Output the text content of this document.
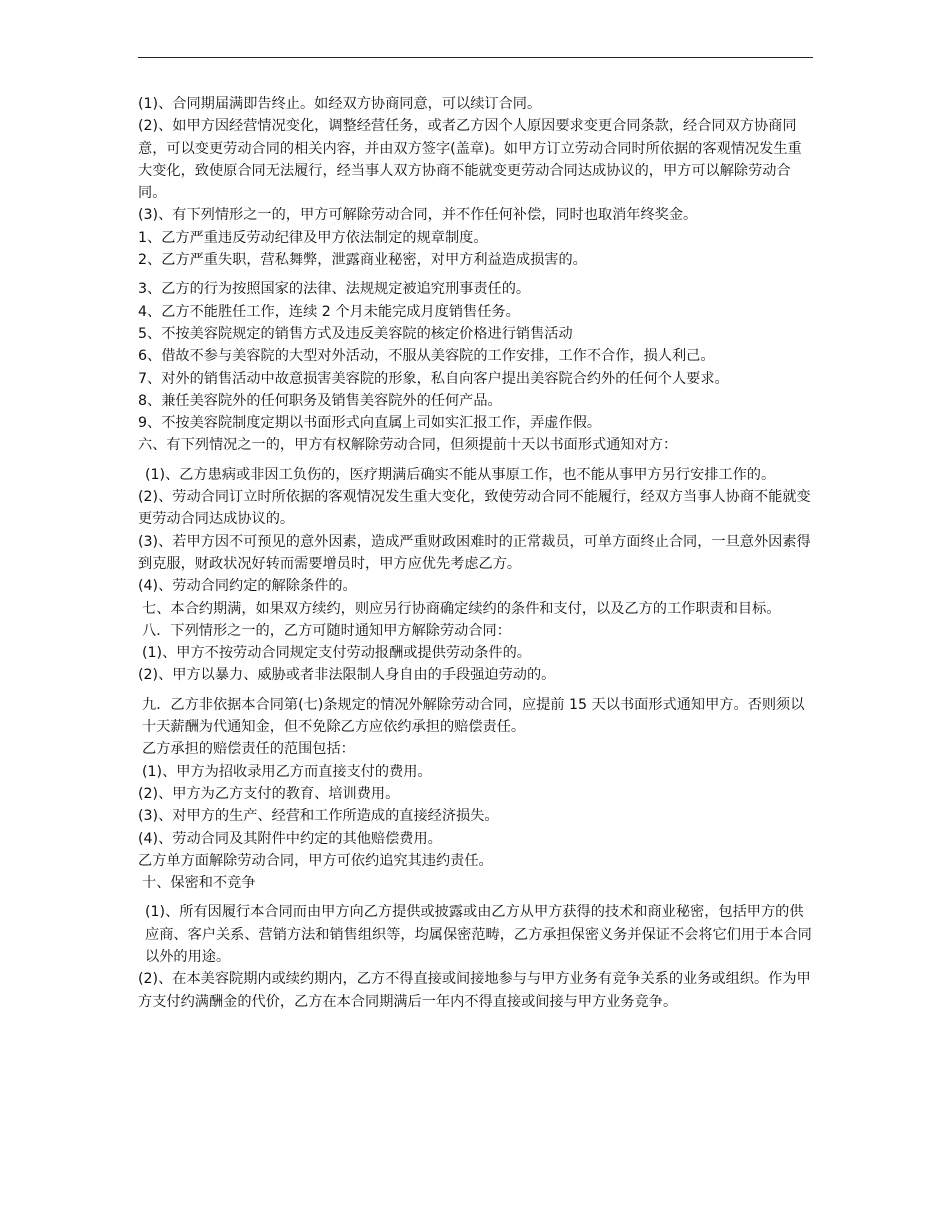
(1)、合同期届满即告终止。如经双方协商同意，可以续订合同。

(2)、如甲方因经营情况变化，调整经营任务，或者乙方因个人原因要求变更合同条款，经合同双方协商同意，可以变更劳动合同的相关内容，并由双方签字(盖章)。如甲方订立劳动合同时所依据的客观情况发生重大变化，致使原合同无法履行，经当事人双方协商不能就变更劳动合同达成协议的，甲方可以解除劳动合同。

(3)、有下列情形之一的，甲方可解除劳动合同，并不作任何补偿，同时也取消年终奖金。

1、乙方严重违反劳动纪律及甲方依法制定的规章制度。

2、乙方严重失职，营私舞弊，泄露商业秘密，对甲方利益造成损害的。

3、乙方的行为按照国家的法律、法规规定被追究刑事责任的。

4、乙方不能胜任工作，连续 2 个月未能完成月度销售任务。

5、不按美容院规定的销售方式及违反美容院的核定价格进行销售活动

6、借故不参与美容院的大型对外活动，不服从美容院的工作安排，工作不合作，损人利己。

7、对外的销售活动中故意损害美容院的形象，私自向客户提出美容院合约外的任何个人要求。

8、兼任美容院外的任何职务及销售美容院外的任何产品。

9、不按美容院制度定期以书面形式向直属上司如实汇报工作，弄虚作假。

六、有下列情况之一的，甲方有权解除劳动合同，但须提前十天以书面形式通知对方：

(1)、乙方患病或非因工负伤的，医疗期满后确实不能从事原工作，也不能从事甲方另行安排工作的。

(2)、劳动合同订立时所依据的客观情况发生重大变化，致使劳动合同不能履行，经双方当事人协商不能就变更劳动合同达成协议的。

(3)、若甲方因不可预见的意外因素，造成严重财政困难时的正常裁员，可单方面终止合同，一旦意外因素得到克服，财政状况好转而需要增员时，甲方应优先考虑乙方。

(4)、劳动合同约定的解除条件的。

七、本合约期满，如果双方续约，则应另行协商确定续约的条件和支付，以及乙方的工作职责和目标。

八．下列情形之一的，乙方可随时通知甲方解除劳动合同：

(1)、甲方不按劳动合同规定支付劳动报酬或提供劳动条件的。

(2)、甲方以暴力、威胁或者非法限制人身自由的手段强迫劳动的。

九．乙方非依据本合同第(七)条规定的情况外解除劳动合同，应提前 15 天以书面形式通知甲方。否则须以十天薪酬为代通知金，但不免除乙方应依约承担的赔偿责任。

乙方承担的赔偿责任的范围包括：

(1)、甲方为招收录用乙方而直接支付的费用。

(2)、甲方为乙方支付的教育、培训费用。

(3)、对甲方的生产、经营和工作所造成的直接经济损失。

(4)、劳动合同及其附件中约定的其他赔偿费用。

乙方单方面解除劳动合同，甲方可依约追究其违约责任。

十、保密和不竞争

(1)、所有因履行本合同而由甲方向乙方提供或披露或由乙方从甲方获得的技术和商业秘密，包括甲方的供应商、客户关系、营销方法和销售组织等，均属保密范畴，乙方承担保密义务并保证不会将它们用于本合同以外的用途。

(2)、在本美容院期内或续约期内，乙方不得直接或间接地参与与甲方业务有竞争关系的业务或组织。作为甲方支付约满酬金的代价，乙方在本合同期满后一年内不得直接或间接与甲方业务竞争。
